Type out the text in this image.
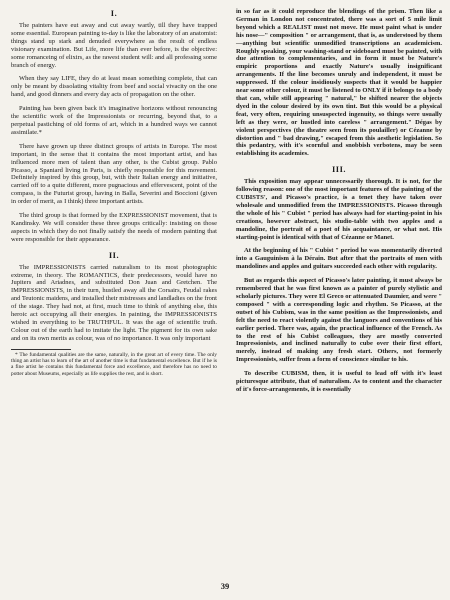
I.

The painters have eut away and cut away wartly, till they have trapped some essential. European painting to-day is like the laboratory of an anatomist: things stand up stark and denuded everywhere as the result of endless visionary examination. But Life, more life than ever before, is the objective: some romanceing of elixirs, as the rawest student will: and all professing some branch of energy.

When they say LIFE, they do at least mean something complete, that can only be meant by dissolating vitality from beef and social vivacity on the one hand, and good dinners and every day acts of propagation on the other.

Painting has been given back it's imaginative horizons without renouncing the scientific work of the Impressionists or recurring, beyond that, to a perpetual pastiching of old forms of art, which in a hundred ways we cannot assimilate.*

There have grown up three distinct groups of artists in Europe. The most important, in the sense that it contains the most important artist, and has influenced more men of talent than any other, is the Cubist group. Pablo Picasso, a Spaniard living in Paris, is chiefly responsible for this movement. Definitely inspired by this group, but, with their Italian energy and initiative, carried off to a quite different, more pugnacious and effervescent, point of the compass, is the Futurist group, having in Balla, Severini and Boccioni (given in order of merit, as I think) three important artists.

The third group is that formed by the EXPRESSIONIST movement, that is Kandinsky. We will consider these three groups critically: insisting on those aspects in which they do not finally satisfy the needs of modern painting that were responsible for their appearance.

II.

The IMPRESSIONISTS carried naturalism to its most photographic extreme, in theory. The ROMANTICS, their predecessors, would have no Jupiters and Ariadnes, and substituted Don Juan and Gretchen. The IMPRESSIONISTS, in their turn, hustled away all the Corsairs, Feudal rakes and Teutonic maidens, and installed their mistresses and landladies on the front of the stage. They had not, at first, much time to think of anything else, this heroic act occupying all their energies. In painting, the IMPRESSIONISTS wished in everything to be TRUTHFUL. It was the age of scientific truth. Colour out of the earth had to imitate the light. The pigment for its own sake and on its own merits as colour, was of no importance. It was only important

* The fundamental qualities are the same, naturally, in the great art of every time. The only thing an artist has to learn of the art of another time is that fundamental excellence. But if he is a fine artist he contains this fundamental force and excellence, and therefore has no need to potter about Museums, especially as life supplies the rest, and is short.

in so far as it could reproduce the blendings of the prism. Then like a German in London not concentrated, there was a sort of 5 mile limit beyond which a REALIST must not move. He must paint what is under his nose—" composition " or arrangement, that is, as understood by them—anything but scientific unmodified transcriptions an academicism. Roughly speaking, your washing-stand or sideboard must be painted, with due attention to complementaries, and in form it must be Nature's empiric proportions and exactly Nature's usually insignificant arrangements. If the line becomes unruly and independent, it must be suppressed. If the colour insidiously suspects that it would be happier near some other colour, it must be listened to ONLY if it belongs to a body that can, while still appearing " natural," be shifted nearer the objects dyed in the colour desired by its own tint. But this would be a physical feat, very often, requiring unsuspected ingenuity, so things were usually left as they were, or hustled into careless " arrangement." Dégas by violent perspectives (the theatre seen from its poulailler) or Cézanne by distortion and " bad drawing," escaped from this aesthetic legislation. So this pedantry, with it's scornful and snobbish verbotens, may be seen establishing its academies.

III.

This exposition may appear unnecessarily thorough. It is not, for the following reason: one of the most important features of the painting of the CUBISTS', and Picasso's practice, is a tenet they have taken over wholesale and unmodified from the IMPRESSIONISTS. Picasso through the whole of his " Cubist " period has always had for starting-point in his creations, however abstract, his studio-table with two apples and a mandoline, the portrait of a poet of his acquaintance, or what not. His starting-point is identical with that of Cézanne or Manet.

At the beginning of his " Cubist " period he was momentarily diverted into a Gauguinism à la Dérain. But after that the portraits of men with mandolines and apples and guitars succeeded each other with regularity.

But as regards this aspect of Picasso's later painting, it must always be remembered that he was first known as a painter of purely stylistic and scholarly pictures. They were El Greco or attenuated Daumier, and were " composed " with a corresponding logic and rhythm. So Picasso, at the outset of his Cubism, was in the same position as the Impressionists, and felt the need to react violently against the languors and conventions of his earlier period. There was, again, the practical influence of the French. As to the rest of his Cubist colleagues, they are mostly converted Impressionists, and inclined naturally to cube over their first effort, merely, instead of making any fresh start. Others, not formerly Impressionists, suffer from a form of conscience similar to his.

To describe CUBISM, then, it is useful to lead off with it's least picturesque attribute, that of naturalism. As to content and the character of it's force-arrangements, it is essentially

39
